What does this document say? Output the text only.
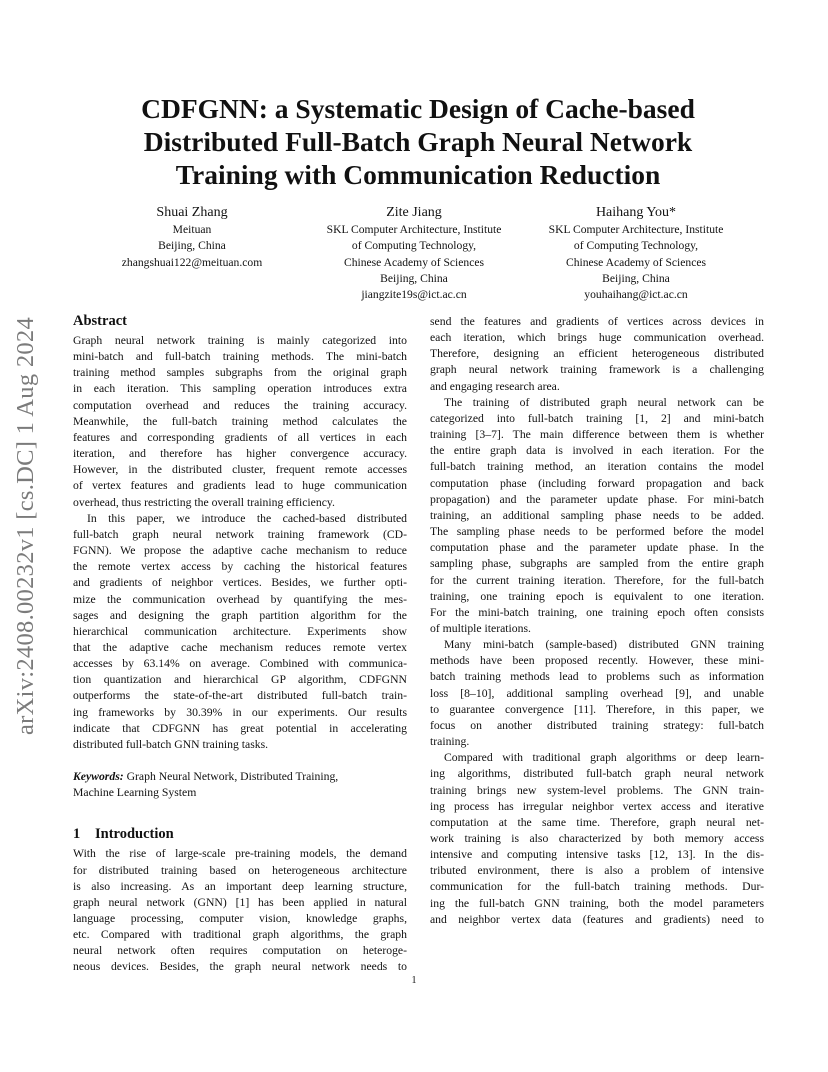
arXiv:2408.00232v1 [cs.DC] 1 Aug 2024
CDFGNN: a Systematic Design of Cache-based
Distributed Full-Batch Graph Neural Network
Training with Communication Reduction
Shuai Zhang
Meituan
Beijing, China
zhangshuai122@meituan.com
Zite Jiang
SKL Computer Architecture, Institute
of Computing Technology,
Chinese Academy of Sciences
Beijing, China
jiangzite19s@ict.ac.cn
Haihang You*
SKL Computer Architecture, Institute
of Computing Technology,
Chinese Academy of Sciences
Beijing, China
youhaihang@ict.ac.cn
Abstract

Graph neural network training is mainly categorized into
mini-batch and full-batch training methods. The mini-batch
training method samples subgraphs from the original graph
in each iteration. This sampling operation introduces extra
computation overhead and reduces the training accuracy.
Meanwhile, the full-batch training method calculates the
features and corresponding gradients of all vertices in each
iteration, and therefore has higher convergence accuracy.
However, in the distributed cluster, frequent remote accesses
of vertex features and gradients lead to huge communication
overhead, thus restricting the overall training efficiency.

In this paper, we introduce the cached-based distributed
full-batch graph neural network training framework (CD-
FGNN). We propose the adaptive cache mechanism to reduce
the remote vertex access by caching the historical features
and gradients of neighbor vertices. Besides, we further opti-
mize the communication overhead by quantifying the mes-
sages and designing the graph partition algorithm for the
hierarchical communication architecture. Experiments show
that the adaptive cache mechanism reduces remote vertex
accesses by 63.14% on average. Combined with communica-
tion quantization and hierarchical GP algorithm, CDFGNN
outperforms the state-of-the-art distributed full-batch train-
ing frameworks by 30.39% in our experiments. Our results
indicate that CDFGNN has great potential in accelerating
distributed full-batch GNN training tasks.

Keywords: Graph Neural Network, Distributed Training,
Machine Learning System

1 Introduction

With the rise of large-scale pre-training models, the demand
for distributed training based on heterogeneous architecture
is also increasing. As an important deep learning structure,
graph neural network (GNN) [1] has been applied in natural
language processing, computer vision, knowledge graphs,
etc. Compared with traditional graph algorithms, the graph
neural network often requires computation on heteroge-
neous devices. Besides, the graph neural network needs to

send the features and gradients of vertices across devices in
each iteration, which brings huge communication overhead.
Therefore, designing an efficient heterogeneous distributed
graph neural network training framework is a challenging
and engaging research area.

The training of distributed graph neural network can be
categorized into full-batch training [1, 2] and mini-batch
training [3–7]. The main difference between them is whether
the entire graph data is involved in each iteration. For the
full-batch training method, an iteration contains the model
computation phase (including forward propagation and back
propagation) and the parameter update phase. For mini-batch
training, an additional sampling phase needs to be added.
The sampling phase needs to be performed before the model
computation phase and the parameter update phase. In the
sampling phase, subgraphs are sampled from the entire graph
for the current training iteration. Therefore, for the full-batch
training, one training epoch is equivalent to one iteration.
For the mini-batch training, one training epoch often consists
of multiple iterations.

Many mini-batch (sample-based) distributed GNN training
methods have been proposed recently. However, these mini-
batch training methods lead to problems such as information
loss [8–10], additional sampling overhead [9], and unable
to guarantee convergence [11]. Therefore, in this paper, we
focus on another distributed training strategy: full-batch
training.

Compared with traditional graph algorithms or deep learn-
ing algorithms, distributed full-batch graph neural network
training brings new system-level problems. The GNN train-
ing process has irregular neighbor vertex access and iterative
computation at the same time. Therefore, graph neural net-
work training is also characterized by both memory access
intensive and computing intensive tasks [12, 13]. In the dis-
tributed environment, there is also a problem of intensive
communication for the full-batch training methods. Dur-
ing the full-batch GNN training, both the model parameters
and neighbor vertex data (features and gradients) need to

1
